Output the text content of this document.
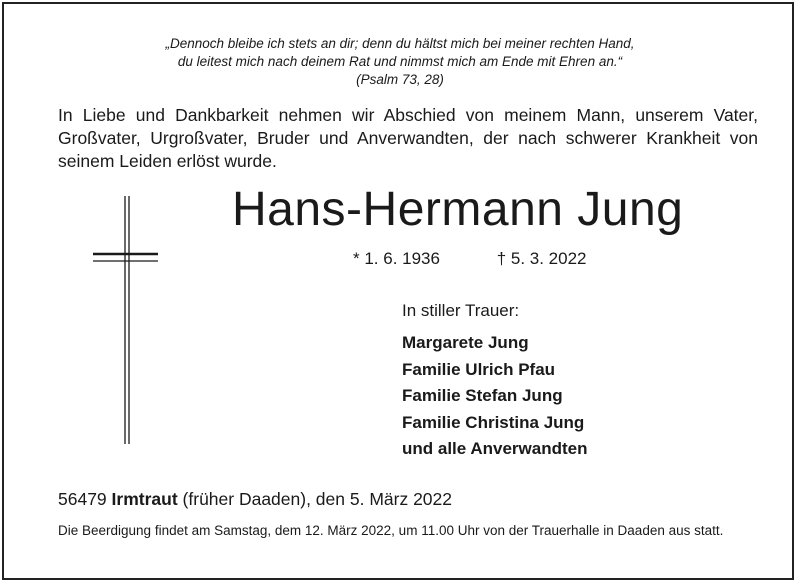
„Dennoch bleibe ich stets an dir; denn du hältst mich bei meiner rechten Hand,
du leitest mich nach deinem Rat und nimmst mich am Ende mit Ehren an.“
(Psalm 73, 28)
In Liebe und Dankbarkeit nehmen wir Abschied von meinem Mann, unserem Vater, Großvater, Urgroßvater, Bruder und Anverwandten, der nach schwerer Krankheit von seinem Leiden erlöst wurde.
Hans-Hermann Jung
* 1. 6. 1936	† 5. 3. 2022
In stiller Trauer:
Margarete Jung
Familie Ulrich Pfau
Familie Stefan Jung
Familie Christina Jung
und alle Anverwandten
56479 Irmtraut (früher Daaden), den 5. März 2022
Die Beerdigung findet am Samstag, dem 12. März 2022, um 11.00 Uhr von der Trauerhalle in Daaden aus statt.
